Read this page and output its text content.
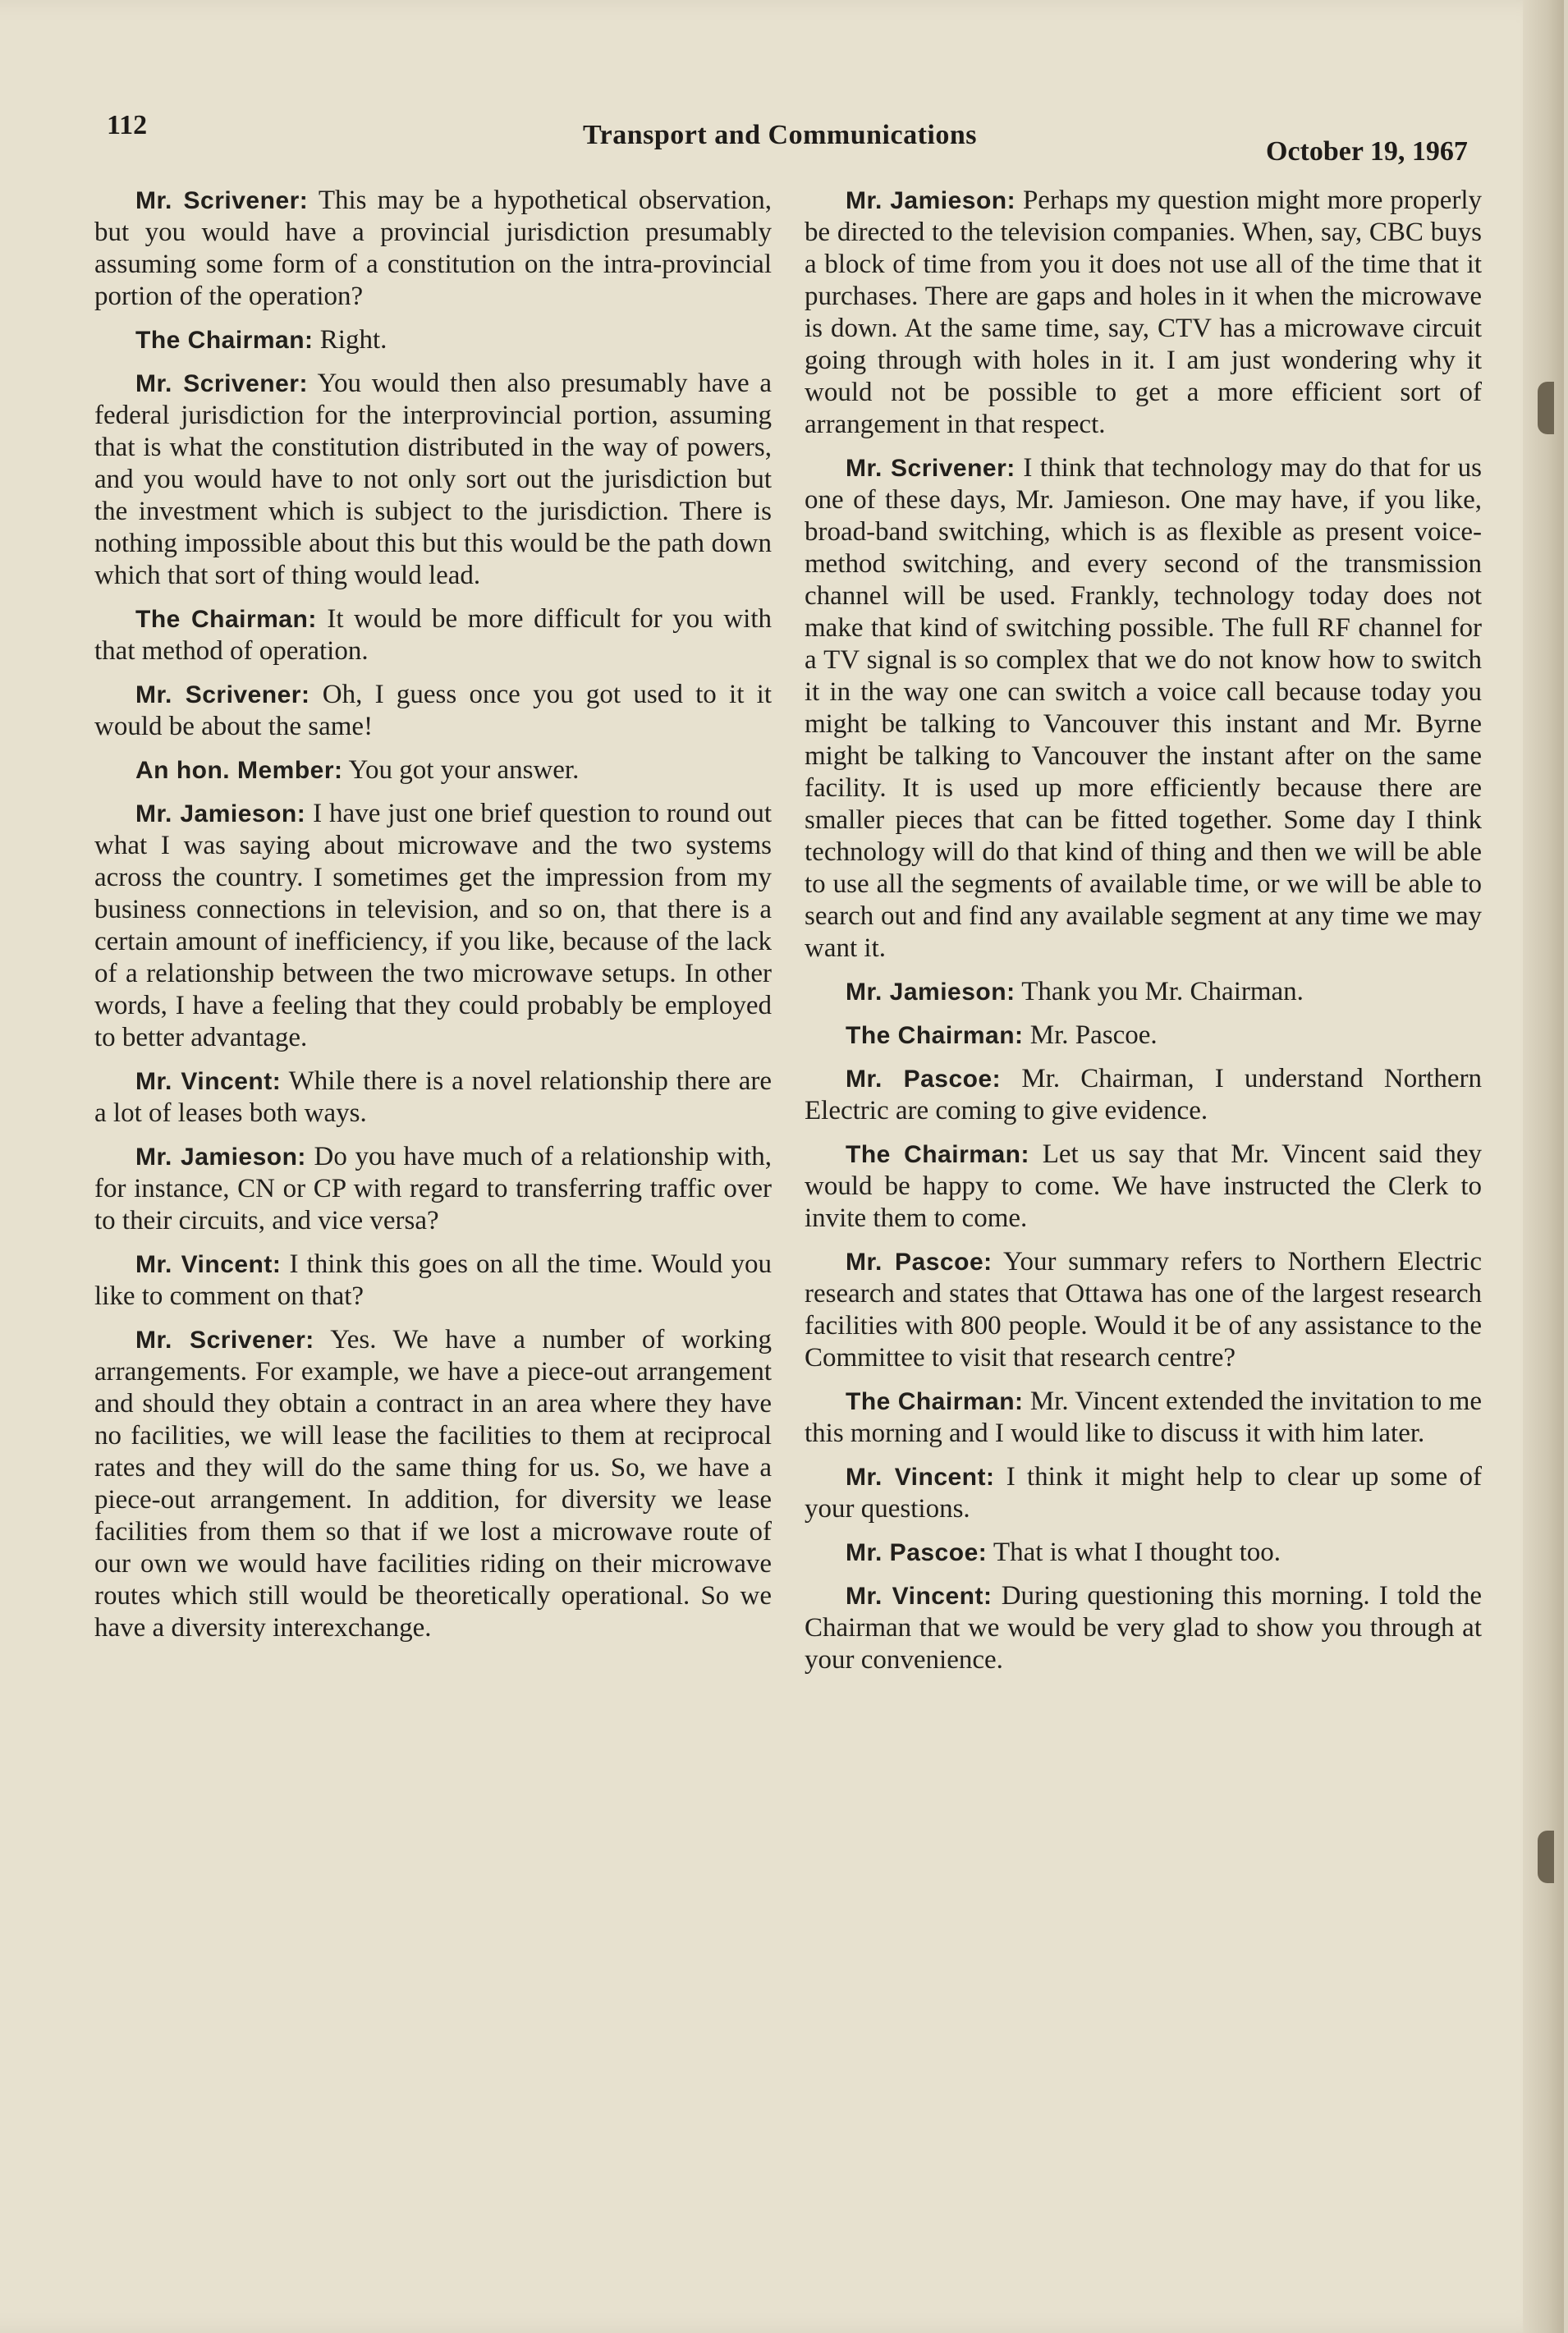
112	Transport and Communications
October 19, 1967

Mr. Scrivener: This may be a hypothetical observation, but you would have a provincial jurisdiction presumably assuming some form of a constitution on the intra-provincial portion of the operation?

The Chairman: Right.

Mr. Scrivener: You would then also presumably have a federal jurisdiction for the interprovincial portion, assuming that is what the constitution distributed in the way of powers, and you would have to not only sort out the jurisdiction but the investment which is subject to the jurisdiction. There is nothing impossible about this but this would be the path down which that sort of thing would lead.

The Chairman: It would be more difficult for you with that method of operation.

Mr. Scrivener: Oh, I guess once you got used to it it would be about the same!

An hon. Member: You got your answer.

Mr. Jamieson: I have just one brief question to round out what I was saying about microwave and the two systems across the country. I sometimes get the impression from my business connections in television, and so on, that there is a certain amount of inefficiency, if you like, because of the lack of a relationship between the two microwave setups. In other words, I have a feeling that they could probably be employed to better advantage.

Mr. Vincent: While there is a novel relationship there are a lot of leases both ways.

Mr. Jamieson: Do you have much of a relationship with, for instance, CN or CP with regard to transferring traffic over to their circuits, and vice versa?

Mr. Vincent: I think this goes on all the time. Would you like to comment on that?

Mr. Scrivener: Yes. We have a number of working arrangements. For example, we have a piece-out arrangement and should they obtain a contract in an area where they have no facilities, we will lease the facilities to them at reciprocal rates and they will do the same thing for us. So, we have a piece-out arrangement. In addition, for diversity we lease facilities from them so that if we lost a microwave route of our own we would have facilities riding on their microwave routes which still would be theoretically operational. So we have a diversity interexchange.

Mr. Jamieson: Perhaps my question might more properly be directed to the television companies. When, say, CBC buys a block of time from you it does not use all of the time that it purchases. There are gaps and holes in it when the microwave is down. At the same time, say, CTV has a microwave circuit going through with holes in it. I am just wondering why it would not be possible to get a more efficient sort of arrangement in that respect.

Mr. Scrivener: I think that technology may do that for us one of these days, Mr. Jamieson. One may have, if you like, broad-band switching, which is as flexible as present voice-method switching, and every second of the transmission channel will be used. Frankly, technology today does not make that kind of switching possible. The full RF channel for a TV signal is so complex that we do not know how to switch it in the way one can switch a voice call because today you might be talking to Vancouver this instant and Mr. Byrne might be talking to Vancouver the instant after on the same facility. It is used up more efficiently because there are smaller pieces that can be fitted together. Some day I think technology will do that kind of thing and then we will be able to use all the segments of available time, or we will be able to search out and find any available segment at any time we may want it.

Mr. Jamieson: Thank you Mr. Chairman.

The Chairman: Mr. Pascoe.

Mr. Pascoe: Mr. Chairman, I understand Northern Electric are coming to give evidence.

The Chairman: Let us say that Mr. Vincent said they would be happy to come. We have instructed the Clerk to invite them to come.

Mr. Pascoe: Your summary refers to Northern Electric research and states that Ottawa has one of the largest research facilities with 800 people. Would it be of any assistance to the Committee to visit that research centre?

The Chairman: Mr. Vincent extended the invitation to me this morning and I would like to discuss it with him later.

Mr. Vincent: I think it might help to clear up some of your questions.

Mr. Pascoe: That is what I thought too.

Mr. Vincent: During questioning this morning. I told the Chairman that we would be very glad to show you through at your convenience.
